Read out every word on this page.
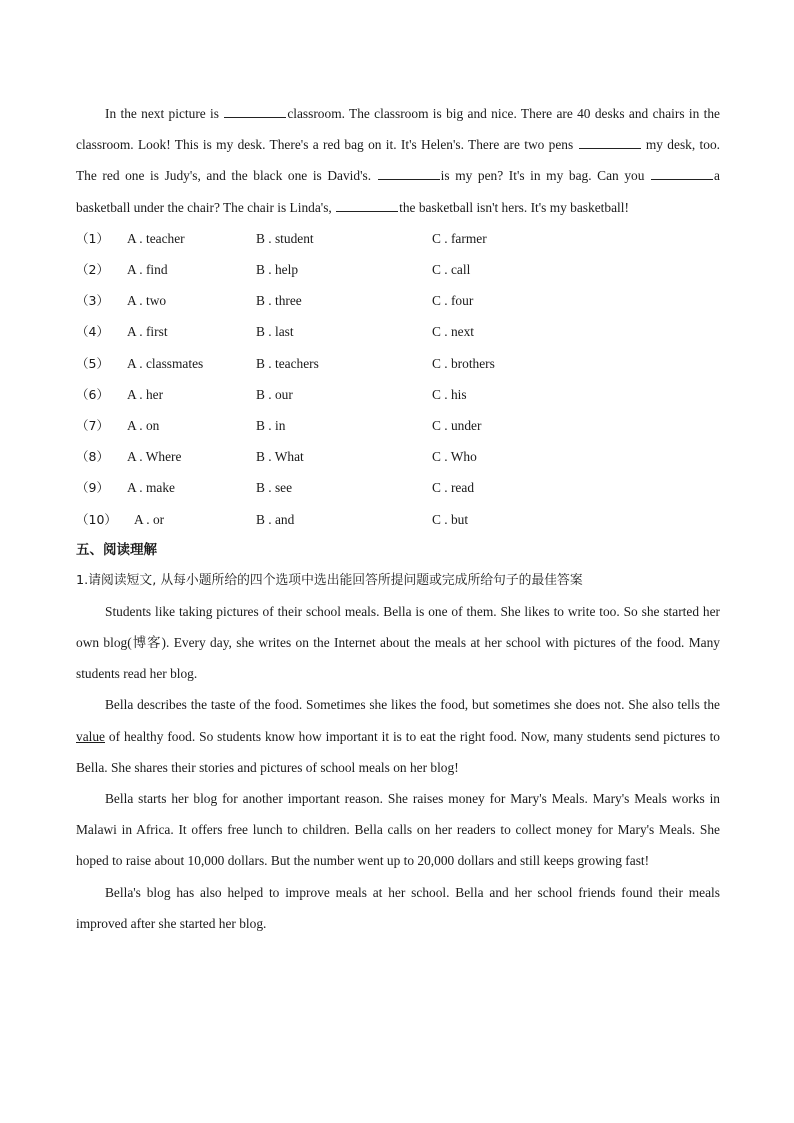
In the next picture is	classroom. The classroom is big and nice. There are 40 desks and chairs in the classroom. Look! This is my desk. There's a red bag on it. It's Helen's. There are two pens	my desk, too. The red one is Judy's, and the black one is David's.	is my pen? It's in my bag. Can you	a basketball under the chair? The chair is Linda's,	the basketball isn't hers. It's my basketball!

（1） A . teacher	B . student	C . farmer
（2） A . find	B . help	C . call
（3） A . two	B . three	C . four
（4） A . first	B . last	C . next
（5） A . classmates	B . teachers	C . brothers
（6） A . her	B . our	C . his
（7） A . on	B . in	C . under
（8） A . Where	B . What	C . Who
（9） A . make	B . see	C . read
（10） A . or	B . and	C . but

五、阅读理解

1.请阅读短文, 从每小题所给的四个选项中选出能回答所提问题或完成所给句子的最佳答案

Students like taking pictures of their school meals. Bella is one of them. She likes to write too. So she started her own blog(博客). Every day, she writes on the Internet about the meals at her school with pictures of the food. Many students read her blog.

Bella describes the taste of the food. Sometimes she likes the food, but sometimes she does not. She also tells the value of healthy food. So students know how important it is to eat the right food. Now, many students send pictures to Bella. She shares their stories and pictures of school meals on her blog!

Bella starts her blog for another important reason. She raises money for Mary's Meals. Mary's Meals works in Malawi in Africa. It offers free lunch to children. Bella calls on her readers to collect money for Mary's Meals. She hoped to raise about 10,000 dollars. But the number went up to 20,000 dollars and still keeps growing fast!

Bella's blog has also helped to improve meals at her school. Bella and her school friends found their meals improved after she started her blog.
